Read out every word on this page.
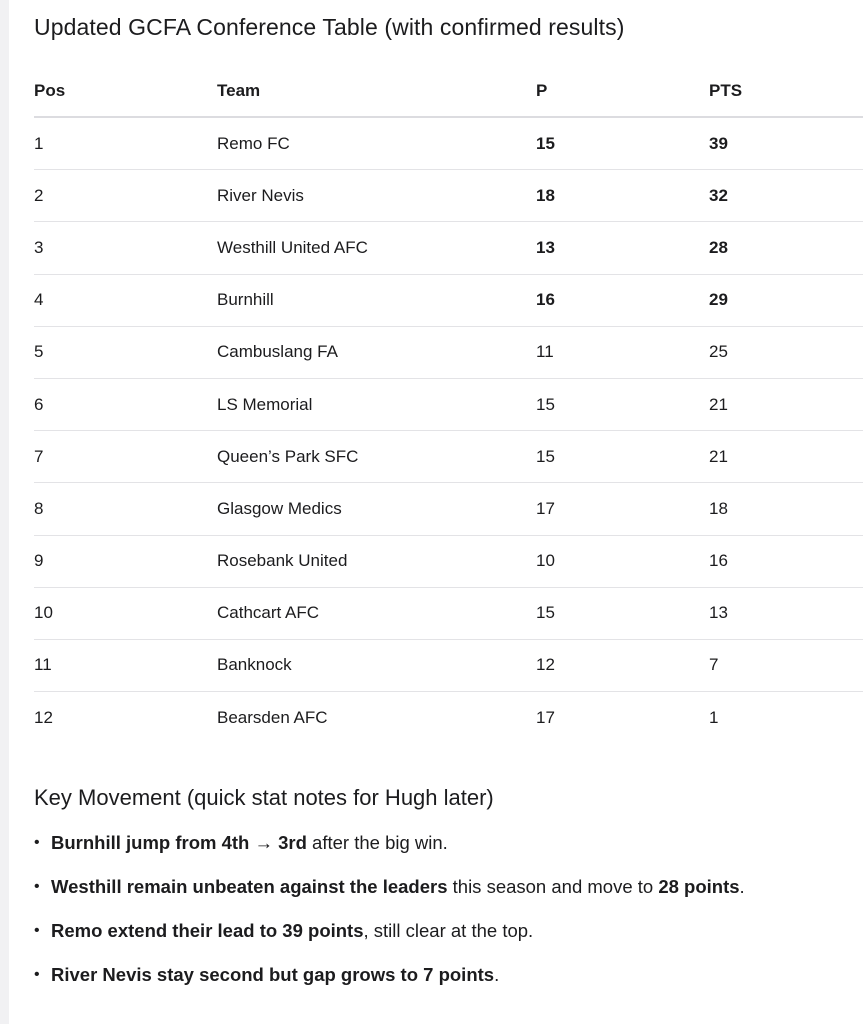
Updated GCFA Conference Table (with confirmed results)
Pos	Team	P	PTS
1	Remo FC	15	39
2	River Nevis	18	32
3	Westhill United AFC	13	28
4	Burnhill	16	29
5	Cambuslang FA	11	25
6	LS Memorial	15	21
7	Queen’s Park SFC	15	21
8	Glasgow Medics	17	18
9	Rosebank United	10	16
10	Cathcart AFC	15	13
11	Banknock	12	7
12	Bearsden AFC	17	1
Key Movement (quick stat notes for Hugh later)
• Burnhill jump from 4th → 3rd after the big win.
• Westhill remain unbeaten against the leaders this season and move to 28 points.
• Remo extend their lead to 39 points, still clear at the top.
• River Nevis stay second but gap grows to 7 points.
